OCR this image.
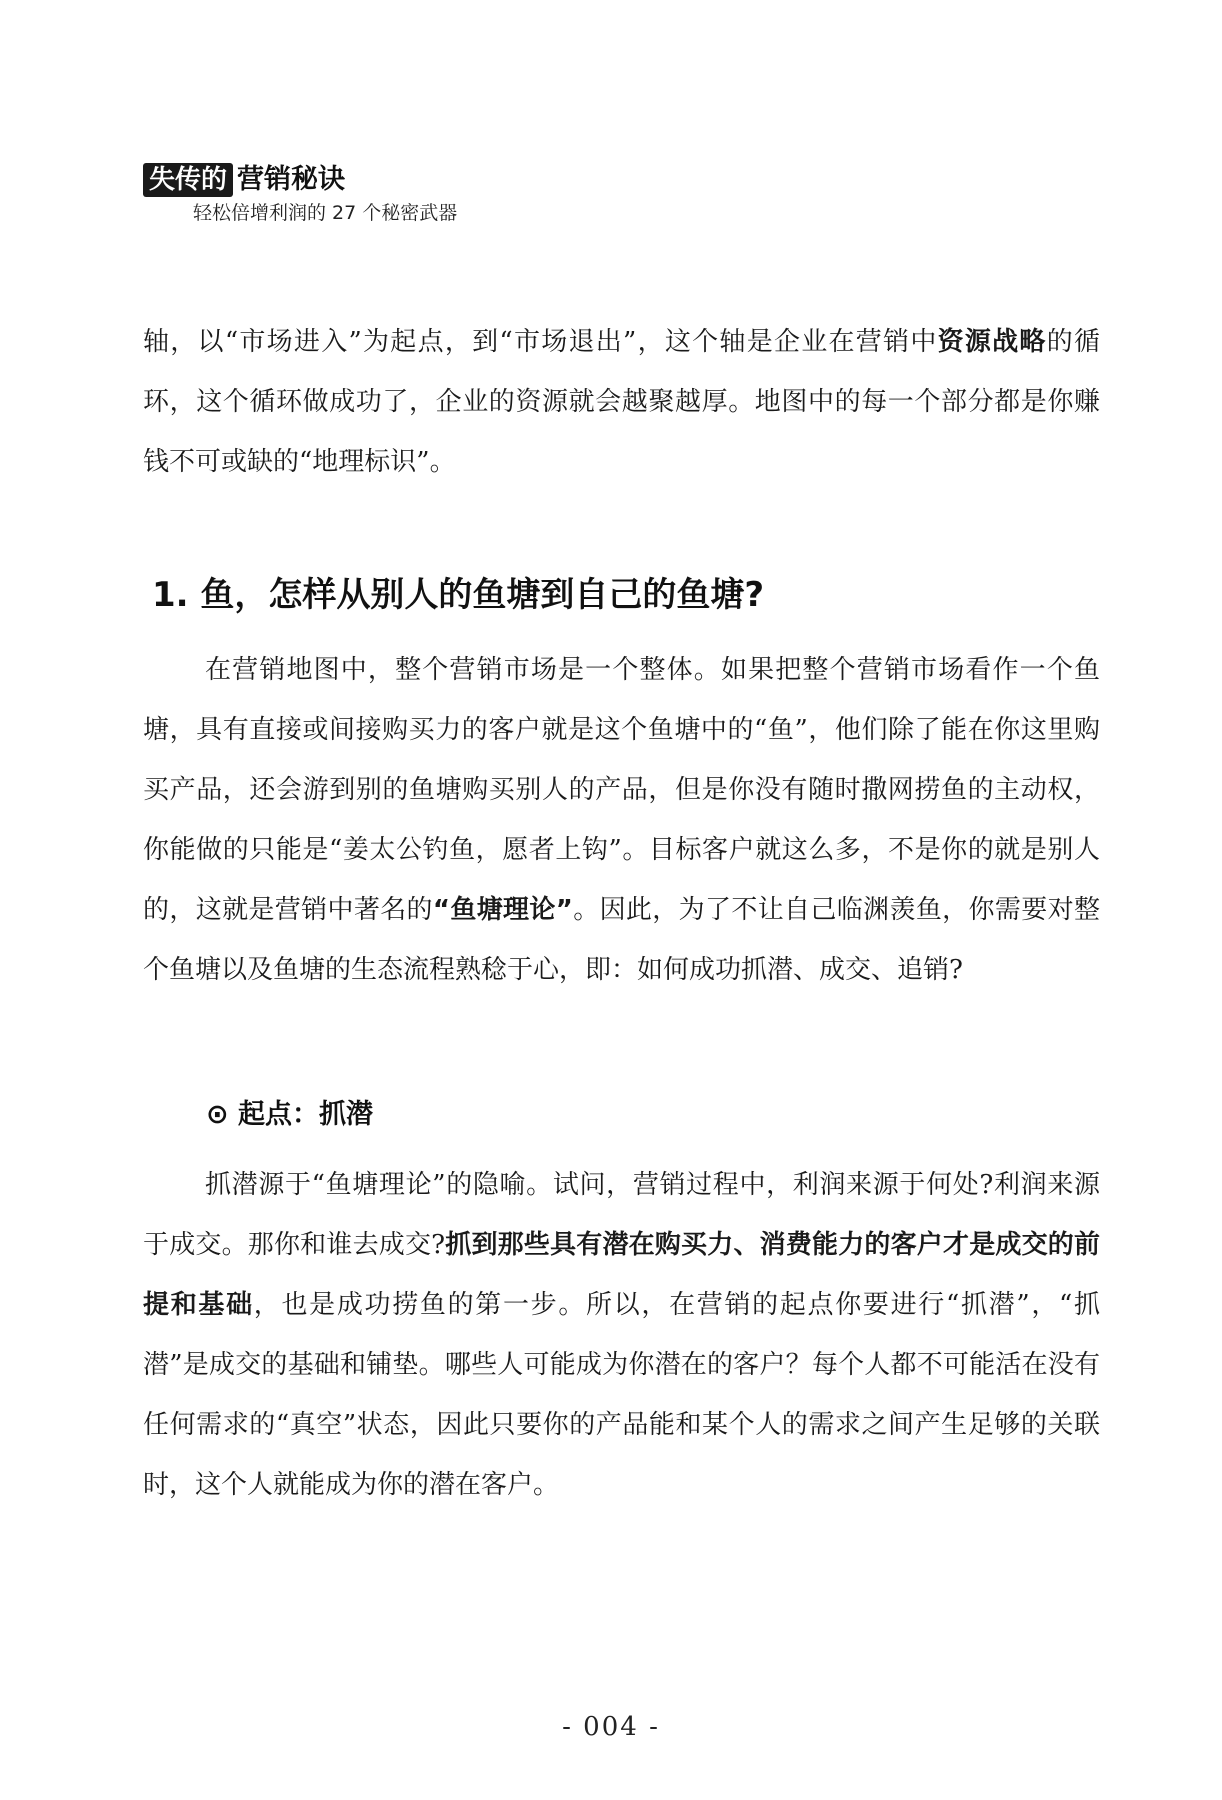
失传的 营销秘诀
轻松倍增利润的 27 个秘密武器

轴，以“市场进入”为起点，到“市场退出”，这个轴是企业在营销中资源战略的循环，这个循环做成功了，企业的资源就会越聚越厚。地图中的每一个部分都是你赚钱不可或缺的“地理标识”。

1. 鱼，怎样从别人的鱼塘到自己的鱼塘?

在营销地图中，整个营销市场是一个整体。如果把整个营销市场看作一个鱼塘，具有直接或间接购买力的客户就是这个鱼塘中的“鱼”，他们除了能在你这里购买产品，还会游到别的鱼塘购买别人的产品，但是你没有随时撒网捞鱼的主动权，你能做的只能是“姜太公钓鱼，愿者上钩”。目标客户就这么多，不是你的就是别人的，这就是营销中著名的“鱼塘理论”。因此，为了不让自己临渊羡鱼，你需要对整个鱼塘以及鱼塘的生态流程熟稔于心，即：如何成功抓潜、成交、追销?

⊙ 起点：抓潜

抓潜源于“鱼塘理论”的隐喻。试问，营销过程中，利润来源于何处?利润来源于成交。那你和谁去成交?抓到那些具有潜在购买力、消费能力的客户才是成交的前提和基础，也是成功捞鱼的第一步。所以，在营销的起点你要进行“抓潜”，“抓潜”是成交的基础和铺垫。哪些人可能成为你潜在的客户？每个人都不可能活在没有任何需求的“真空”状态，因此只要你的产品能和某个人的需求之间产生足够的关联时，这个人就能成为你的潜在客户。

- 004 -
